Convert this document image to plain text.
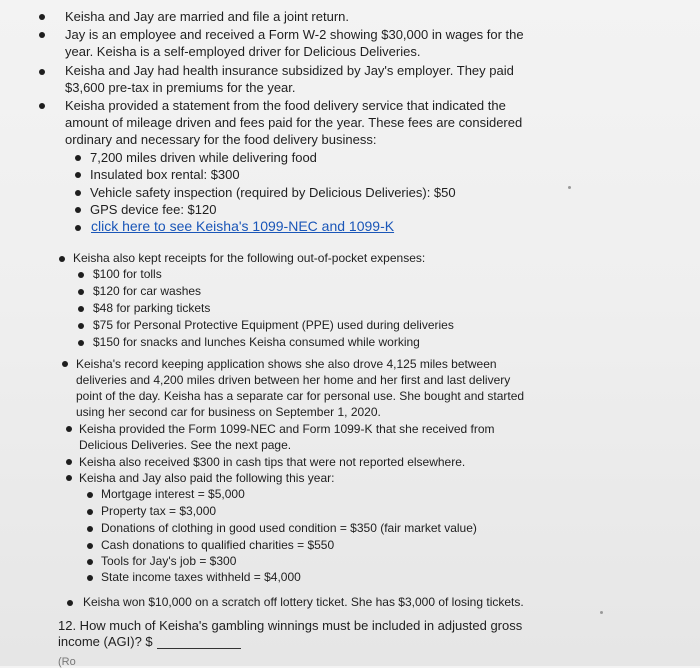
Keisha and Jay are married and file a joint return.
Jay is an employee and received a Form W-2 showing $30,000 in wages for the
year. Keisha is a self-employed driver for Delicious Deliveries.
Keisha and Jay had health insurance subsidized by Jay's employer. They paid
$3,600 pre-tax in premiums for the year.
Keisha provided a statement from the food delivery service that indicated the
amount of mileage driven and fees paid for the year. These fees are considered
ordinary and necessary for the food delivery business:
7,200 miles driven while delivering food
Insulated box rental: $300
Vehicle safety inspection (required by Delicious Deliveries): $50
GPS device fee: $120
click here to see Keisha's 1099-NEC and 1099-K
Keisha also kept receipts for the following out-of-pocket expenses:
$100 for tolls
$120 for car washes
$48 for parking tickets
$75 for Personal Protective Equipment (PPE) used during deliveries
$150 for snacks and lunches Keisha consumed while working
Keisha's record keeping application shows she also drove 4,125 miles between
deliveries and 4,200 miles driven between her home and her first and last delivery
point of the day. Keisha has a separate car for personal use. She bought and started
using her second car for business on September 1, 2020.
Keisha provided the Form 1099-NEC and Form 1099-K that she received from
Delicious Deliveries. See the next page.
Keisha also received $300 in cash tips that were not reported elsewhere.
Keisha and Jay also paid the following this year:
Mortgage interest = $5,000
Property tax = $3,000
Donations of clothing in good used condition = $350 (fair market value)
Cash donations to qualified charities = $550
Tools for Jay's job = $300
State income taxes withheld = $4,000
Keisha won $10,000 on a scratch off lottery ticket. She has $3,000 of losing tickets.
12. How much of Keisha's gambling winnings must be included in adjusted gross
income (AGI)? $
(Ro
